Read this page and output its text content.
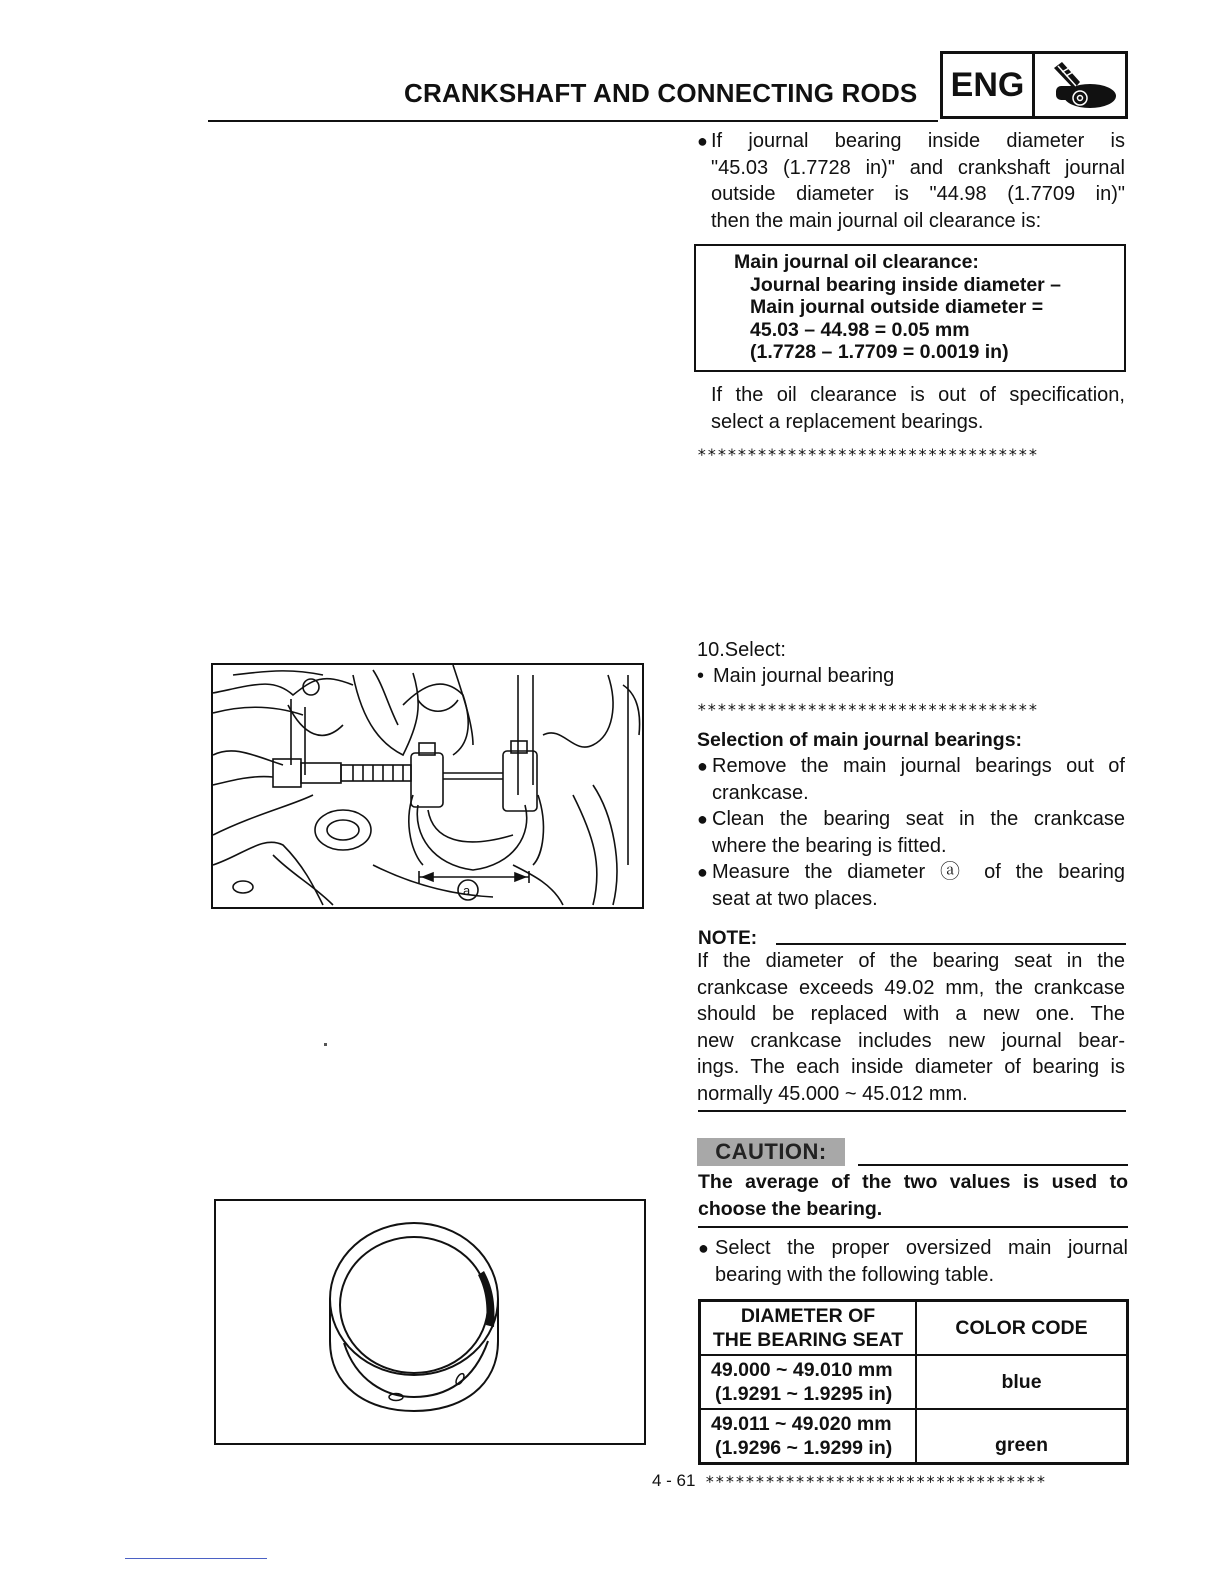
CRANKSHAFT AND CONNECTING RODS ENG
● If journal bearing inside diameter is
"45.03 (1.7728 in)" and crankshaft journal
outside diameter is "44.98 (1.7709 in)"
then the main journal oil clearance is:
Main journal oil clearance:
Journal bearing inside diameter –
Main journal outside diameter =
45.03 – 44.98 = 0.05 mm
(1.7728 – 1.7709 = 0.0019 in)
If the oil clearance is out of specification,
select a replacement bearings.
**********************************
a
10.Select:
• Main journal bearing
**********************************
Selection of main journal bearings:
● Remove the main journal bearings out of
crankcase.
● Clean the bearing seat in the crankcase
where the bearing is fitted.
● Measure the diameter ⓐ of the bearing
seat at two places.
NOTE:
If the diameter of the bearing seat in the
crankcase exceeds 49.02 mm, the crankcase
should be replaced with a new one. The
new crankcase includes new journal bear-
ings. The each inside diameter of bearing is
normally 45.000 ~ 45.012 mm.
CAUTION:
The average of the two values is used to
choose the bearing.
● Select the proper oversized main journal
bearing with the following table.
DIAMETER OF
THE BEARING SEAT	COLOR CODE

49.000 ~ 49.010 mm
(1.9291 ~ 1.9295 in)	blue

49.011 ~ 49.020 mm
(1.9296 ~ 1.9299 in)	green
4 - 61 **********************************
